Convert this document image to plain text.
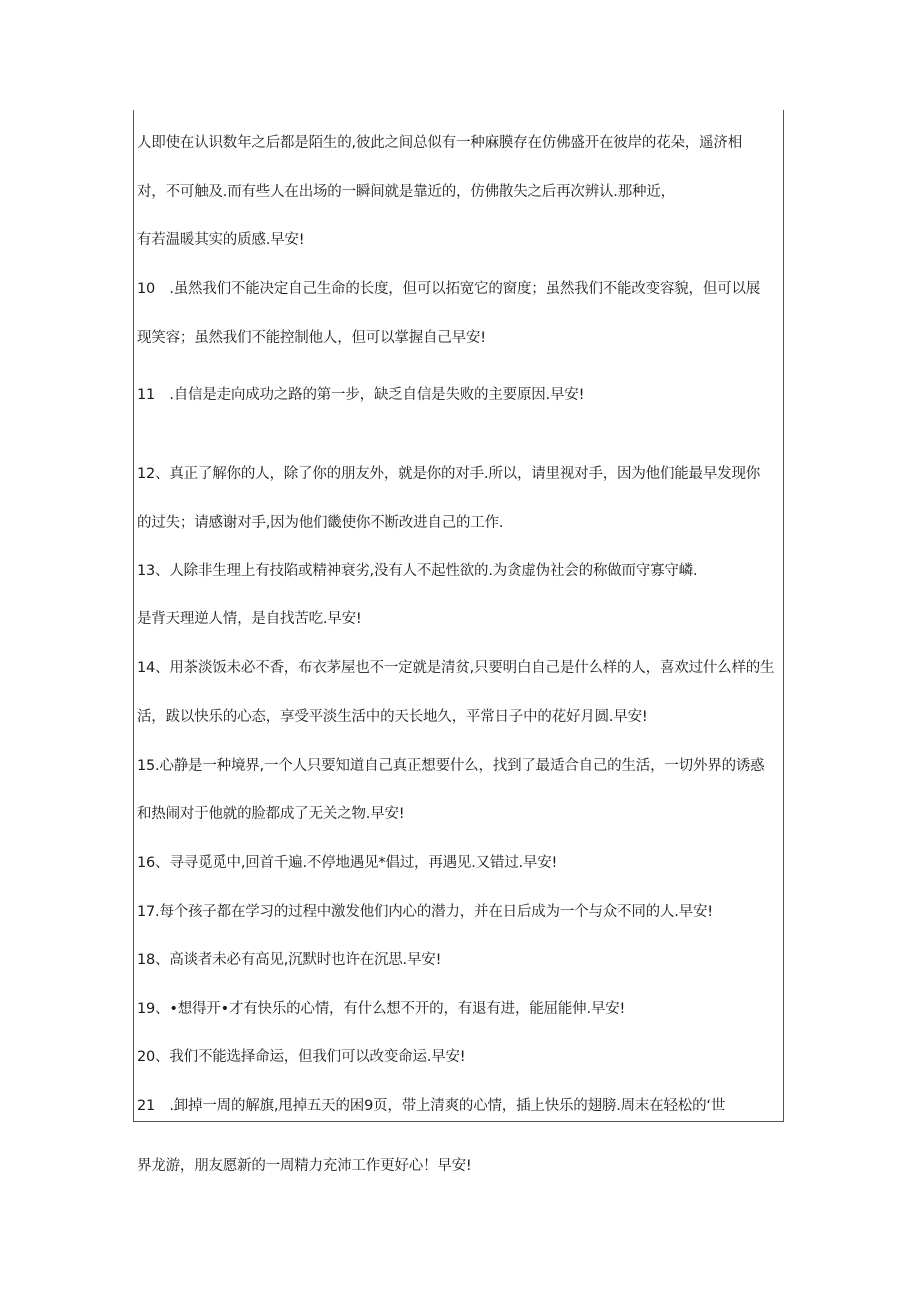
人即使在认识数年之后都是陌生的,彼此之间总似有一种麻膜存在仿佛盛开在彼岸的花朵，遥济相
对，不可触及.而有些人在出场的一瞬间就是靠近的，仿佛散失之后再次辨认.那种近，
有若温暖其实的质感.早安!
10　.虽然我们不能决定自己生命的长度，但可以拓宽它的窗度；虽然我们不能改变容貌，但可以展
现笑容；虽然我们不能控制他人，但可以掌握自己早安!
11　.自信是走向成功之路的第一步，缺乏自信是失败的主要原因.早安!
12、真正了解你的人，除了你的朋友外，就是你的对手.所以，请里视对手，因为他们能最早发现你
的过失；请感谢对手,因为他们畿使你不断改进自己的工作.
13、人除非生理上有技陷或精神衰劣,没有人不起性欲的.为贪虚伪社会的称做而守寡守嶙.
是背天理逆人情，是自找苦吃.早安!
14、用茶淡饭未必不香，布衣茅屋也不一定就是清贫,只要明白自己是什么样的人，喜欢过什么样的生
活，跋以快乐的心态，享受平淡生活中的天长地久，平常日子中的花好月圆.早安!
15.心静是一种境界,一个人只要知道自己真正想要什么，找到了最适合自己的生活，一切外界的诱惑
和热闹对于他就的脸都成了无关之物.早安!
16、寻寻觅觅中,回首千遍.不停地遇见*倡过，再遇见.又错过.早安!
17.每个孩子都在学习的过程中激发他们内心的潜力，并在日后成为一个与众不同的人.早安!
18、高谈者未必有高见,沉默时也许在沉思.早安!
19、•想得开•才有快乐的心情，有什么想不开的，有退有进，能屈能伸.早安!
20、我们不能选择命运，但我们可以改变命运.早安!
21　.卸掉一周的解旗,甩掉五天的困9页，带上清爽的心情，插上快乐的翅膀.周末在轻松的‘世
界龙游，朋友愿新的一周精力充沛工作更好心！早安!
